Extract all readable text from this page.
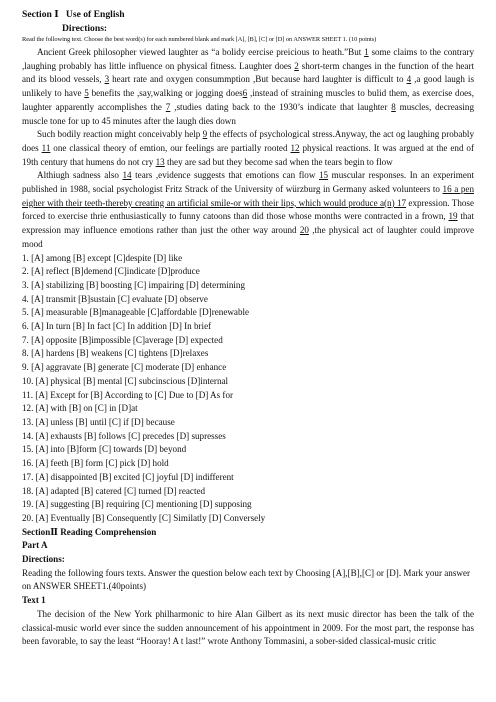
Section Ⅰ   Use of English

Directions:

Read the following text. Choose the best word(s) for each numbered blank and mark [A], [B], [C] or [D] on ANSWER SHEET 1. (10 points)

Ancient Greek philosopher viewed laughter as “a bolidy eercise preicious to heath.”But 1 some claims to the contrary ,laughing probably has little influence on physical fitness. Laughter does 2 short-term changes in the function of the heart and its blood vessels, 3 heart rate and oxygen consummption ,But because hard laughter is difficult to 4 ,a good laugh is unlikely to have 5 benefits the ,say,walking or jogging does6 ,instead of straining muscles to bulid them, as exercise does, laughter apparently accomplishes the 7 ,studies dating back to the 1930’s indicate that laughter 8 muscles, decreasing muscle tone for up to 45 minutes after the laugh dies down

Such bodily reaction might conceivably help 9 the effects of psychological stress.Anyway, the act og laughing probably does 11 one classical theory of emtion, our feelings are partially rooted 12 physical reactions. It was argued at the end of 19th century that humens do not cry 13 they are sad but they become sad when the tears begin to flow

Althiugh sadness also 14 tears ,evidence suggests that emotions can flow 15 muscular responses. In an experiment published in 1988, social psychologist Fritz Strack of the University of würzburg in Germany asked volunteers to 16 a pen eigher with their teeth-thereby creating an artificial smile-or with their lips, which would produce a(n) 17 expression. Those forced to exercise thrie enthusiastically to funny catoons than did those whose months were contracted in a frown, 19 that expression may influence emotions rather than just the other way around 20 ,the physical act of laughter could improve mood

1. [A] among [B] except [C]despite [D] like
2. [A] reflect [B]demend [C]indicate [D]produce
3. [A] stabilizing [B] boosting [C] impairing [D] determining
4. [A] transmit [B]sustain [C] evaluate [D] observe
5. [A] measurable [B]manageable [C]affordable [D]renewable
6. [A] In turn [B] In fact [C] In addition [D] In brief
7. [A] opposite [B]impossible [C]average [D] expected
8. [A] hardens [B] weakens [C] tightens [D]relaxes
9. [A] aggravate [B] generate [C] moderate [D] enhance
10. [A] physical [B] mental [C] subcinscious [D]internal
11. [A] Except for [B] According to [C] Due to [D] As for
12. [A] with [B] on [C] in [D]at
13. [A] unless [B] until [C] if [D] because
14. [A] exhausts [B] follows [C] precedes [D] supresses
15. [A] into [B]form [C] towards [D] beyond
16. [A] feeth [B] form [C] pick [D] hold
17. [A] disappointed [B] excited [C] joyful [D] indifferent
18. [A] adapted [B] catered [C] turned [D] reacted
19. [A] suggesting [B] requiring [C] mentioning [D] supposing
20. [A] Eventually [B] Consequently [C] Similatly [D] Conversely

SectionⅡ Reading Comprehension

Part A

Directions:

Reading the following fours texts. Answer the question below each text by Choosing [A],[B],[C] or [D]. Mark your answer on ANSWER SHEET1.(40points)

Text 1

The decision of the New York philharmonic to hire Alan Gilbert as its next music director has been the talk of the classical-music world ever since the sudden announcement of his appointment in 2009. For the most part, the response has been favorable, to say the least “Hooray! A t last!” wrote Anthony Tommasini, a sober-sided classical-music critic
